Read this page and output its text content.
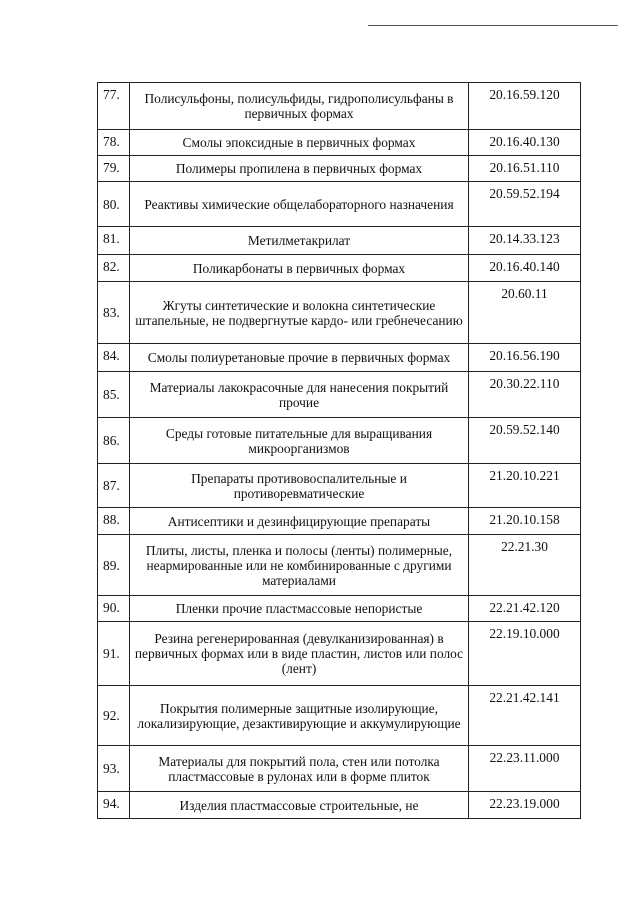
77.	Полисульфоны, полисульфиды, гидрополисульфаны в первичных формах	20.16.59.120
78.	Смолы эпоксидные в первичных формах	20.16.40.130
79.	Полимеры пропилена в первичных формах	20.16.51.110
80.	Реактивы химические общелабораторного назначения	20.59.52.194
81.	Метилметакрилат	20.14.33.123
82.	Поликарбонаты в первичных формах	20.16.40.140
83.	Жгуты синтетические и волокна синтетические штапельные, не подвергнутые кардо- или гребнечесанию	20.60.11
84.	Смолы полиуретановые прочие в первичных формах	20.16.56.190
85.	Материалы лакокрасочные для нанесения покрытий прочие	20.30.22.110
86.	Среды готовые питательные для выращивания микроорганизмов	20.59.52.140
87.	Препараты противовоспалительные и противоревматические	21.20.10.221
88.	Антисептики и дезинфицирующие препараты	21.20.10.158
89.	Плиты, листы, пленка и полосы (ленты) полимерные, неармированные или не комбинированные с другими материалами	22.21.30
90.	Пленки прочие пластмассовые непористые	22.21.42.120
91.	Резина регенерированная (девулканизированная) в первичных формах или в виде пластин, листов или полос (лент)	22.19.10.000
92.	Покрытия полимерные защитные изолирующие, локализирующие, дезактивирующие и аккумулирующие	22.21.42.141
93.	Материалы для покрытий пола, стен или потолка пластмассовые в рулонах или в форме плиток	22.23.11.000
94.	Изделия пластмассовые строительные, не	22.23.19.000
